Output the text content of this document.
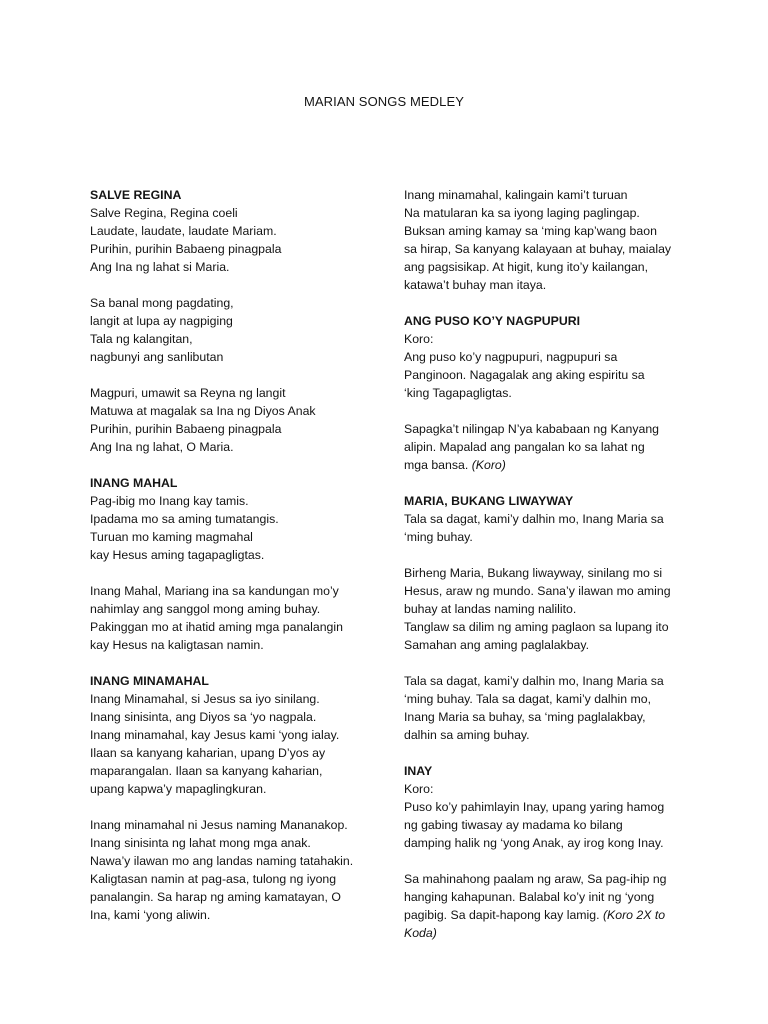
MARIAN SONGS MEDLEY
SALVE REGINA
Salve Regina, Regina coeli
Laudate, laudate, laudate Mariam.
Purihin, purihin Babaeng pinagpala
Ang Ina ng lahat si Maria.
Sa banal mong pagdating,
langit at lupa ay nagpiging
Tala ng kalangitan,
nagbunyi ang sanlibutan
Magpuri, umawit sa Reyna ng langit
Matuwa at magalak sa Ina ng Diyos Anak
Purihin, purihin Babaeng pinagpala
Ang Ina ng lahat, O Maria.
INANG MAHAL
Pag-ibig mo Inang kay tamis.
Ipadama mo sa aming tumatangis.
Turuan mo kaming magmahal
kay Hesus aming tagapagligtas.
Inang Mahal, Mariang ina sa kandungan mo’y
nahimlay ang sanggol mong aming buhay.
Pakinggan mo at ihatid aming mga panalangin
kay Hesus na kaligtasan namin.
INANG MINAMAHAL
Inang Minamahal, si Jesus sa iyo sinilang.
Inang sinisinta, ang Diyos sa ‘yo nagpala.
Inang minamahal, kay Jesus kami ‘yong ialay.
Ilaan sa kanyang kaharian, upang D’yos ay
maparangalan. Ilaan sa kanyang kaharian,
upang kapwa’y mapaglingkuran.
Inang minamahal ni Jesus naming Mananakop.
Inang sinisinta ng lahat mong mga anak.
Nawa’y ilawan mo ang landas naming tatahakin.
Kaligtasan namin at pag-asa, tulong ng iyong
panalangin. Sa harap ng aming kamatayan, O
Ina, kami ‘yong aliwin.
Inang minamahal, kalingain kami’t turuan
Na matularan ka sa iyong laging paglingap.
Buksan aming kamay sa ‘ming kap’wang baon
sa hirap, Sa kanyang kalayaan at buhay, maialay
ang pagsisikap. At higit, kung ito’y kailangan,
katawa’t buhay man itaya.
ANG PUSO KO’Y NAGPUPURI
Koro:
Ang puso ko’y nagpupuri, nagpupuri sa
Panginoon. Nagagalak ang aking espiritu sa
‘king Tagapagligtas.
Sapagka’t nilingap N’ya kababaan ng Kanyang
alipin. Mapalad ang pangalan ko sa lahat ng
mga bansa. (Koro)
MARIA, BUKANG LIWAYWAY
Tala sa dagat, kami’y dalhin mo, Inang Maria sa
‘ming buhay.
Birheng Maria, Bukang liwayway, sinilang mo si
Hesus, araw ng mundo. Sana’y ilawan mo aming
buhay at landas naming nalilito.
Tanglaw sa dilim ng aming paglaon sa lupang ito
Samahan ang aming paglalakbay.
Tala sa dagat, kami’y dalhin mo, Inang Maria sa
‘ming buhay. Tala sa dagat, kami’y dalhin mo,
Inang Maria sa buhay, sa ‘ming paglalakbay,
dalhin sa aming buhay.
INAY
Koro:
Puso ko’y pahimlayin Inay, upang yaring hamog
ng gabing tiwasay ay madama ko bilang
damping halik ng ‘yong Anak, ay irog kong Inay.
Sa mahinahong paalam ng araw, Sa pag-ihip ng
hanging kahapunan. Balabal ko’y init ng ‘yong
pagibig. Sa dapit-hapong kay lamig. (Koro 2X to
Koda)
